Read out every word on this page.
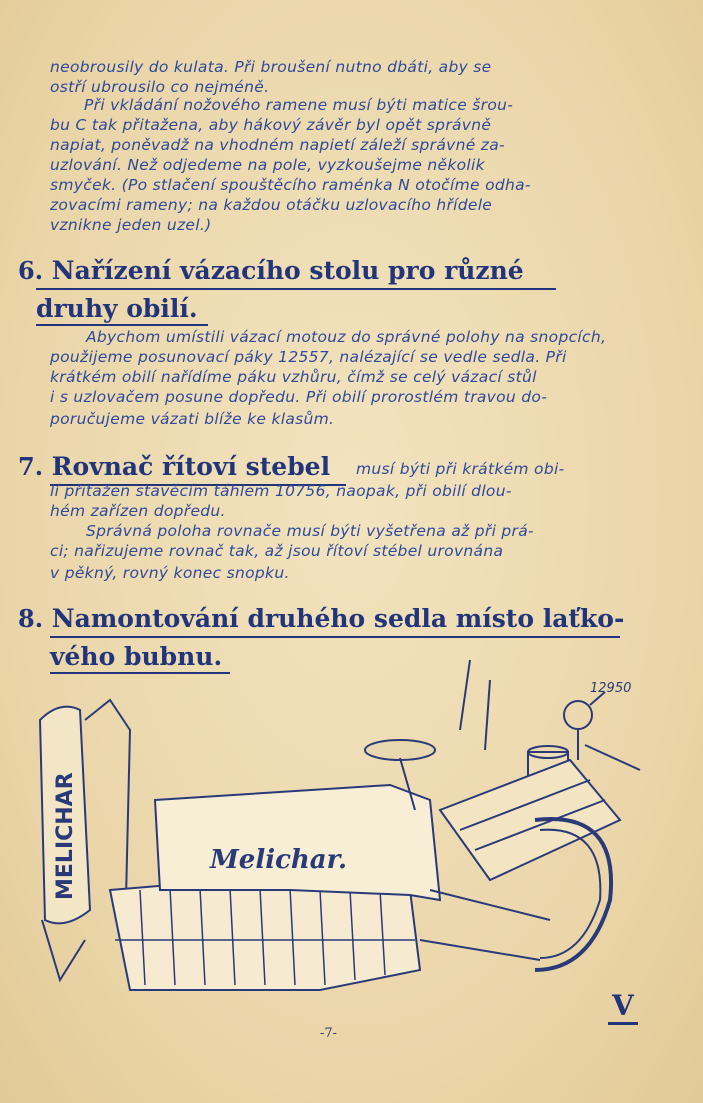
neobrousily do kulata. Při broušení nutno dbáti, aby se
ostří ubrousilo co nejméně.
Při vkládání nožového ramene musí býti matice šrou-
bu C tak přitažena, aby hákový závěr byl opět správně
napiat, poněvadž na vhodném napietí záleží správné za-
uzlování. Než odjedeme na pole, vyzkoušejme několik
smyček. (Po stlačení spouštěcího raménka N otočíme odha-
zovacími rameny; na každou otáčku uzlovacího hřídele
vznikne jeden uzel.)
6. Nařízení vázacího stolu pro různé
druhy obilí.
Abychom umístili vázací motouz do správné polohy na snopcích,
použijeme posunovací páky 12557, nalézající se vedle sedla. Při
krátkém obilí nařídíme páku vzhůru, čímž se celý vázací stůl
i s uzlovačem posune dopředu. Při obilí prorostlém travou do-
poručujeme vázati blíže ke klasům.
7. Rovnač řítoví stebel musí býti při krátkém obi-
lí přitažen stavěcím táhlem 10756, naopak, při obilí dlou-
hém zařízen dopředu.
Správná poloha rovnače musí býti vyšetřena až při prá-
ci; nařizujeme rovnač tak, až jsou řítoví stébel urovnána
v pěkný, rovný konec snopku.
8. Namontování druhého sedla místo laťko-
vého bubnu.
MELICHAR	Melichar.
12950
-7-
V
